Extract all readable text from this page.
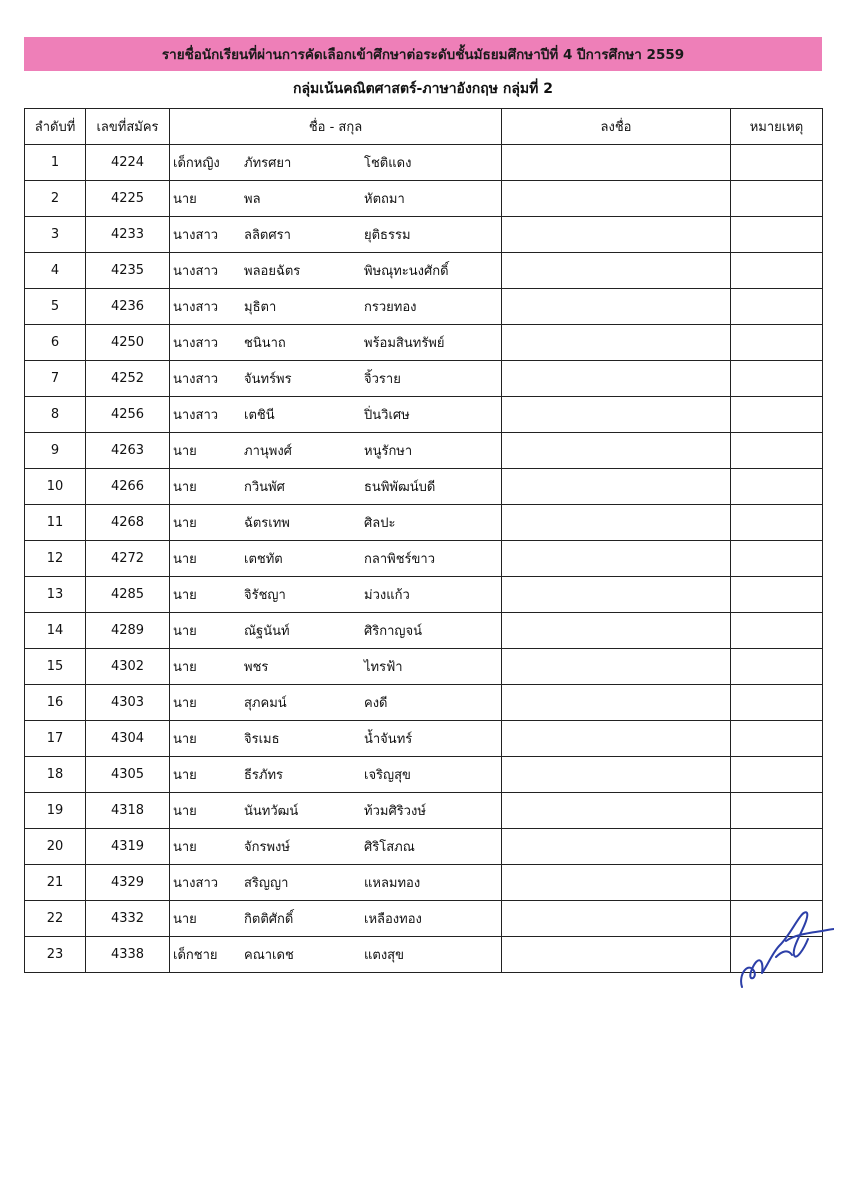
รายชื่อนักเรียนที่ผ่านการคัดเลือกเข้าศึกษาต่อระดับชั้นมัธยมศึกษาปีที่ 4 ปีการศึกษา 2559
กลุ่มเน้นคณิตศาสตร์-ภาษาอังกฤษ กลุ่มที่ 2
ลำดับที่	เลขที่สมัคร	ชื่อ - สกุล	ลงชื่อ	หมายเหตุ
1	4224	เด็กหญิง ภัทรศยา โชติแดง		

2	4225	นาย พล หัตถมา		

3	4233	นางสาว ลลิตศรา ยุติธรรม		

4	4235	นางสาว พลอยฉัตร พิษณุทะนงศักดิ์		

5	4236	นางสาว มุธิตา กรวยทอง		

6	4250	นางสาว ชนินาถ พร้อมสินทรัพย์		

7	4252	นางสาว จันทร์พร จิ้วราย		

8	4256	นางสาว เตชินี ปิ่นวิเศษ		

9	4263	นาย ภานุพงศ์ หนูรักษา		

10	4266	นาย กวินพัศ ธนพิพัฒน์บดี		

11	4268	นาย ฉัตรเทพ ศิลปะ		

12	4272	นาย เตชทัต กลาพิชร์ขาว		

13	4285	นาย จิรัชญา ม่วงแก้ว		

14	4289	นาย ณัฐนันท์ ศิริกาญจน์		

15	4302	นาย พชร ไทรฟ้า		

16	4303	นาย สุภคมน์ คงดี		

17	4304	นาย จิรเมธ น้ำจันทร์		

18	4305	นาย ธีรภัทร เจริญสุข		

19	4318	นาย นันทวัฒน์ ท้วมศิริวงษ์		

20	4319	นาย จักรพงษ์ ศิริโสภณ		

21	4329	นางสาว สริญญา แหลมทอง		

22	4332	นาย กิตติศักดิ์ เหลืองทอง		

23	4338	เด็กชาย คณาเดช แตงสุข		
